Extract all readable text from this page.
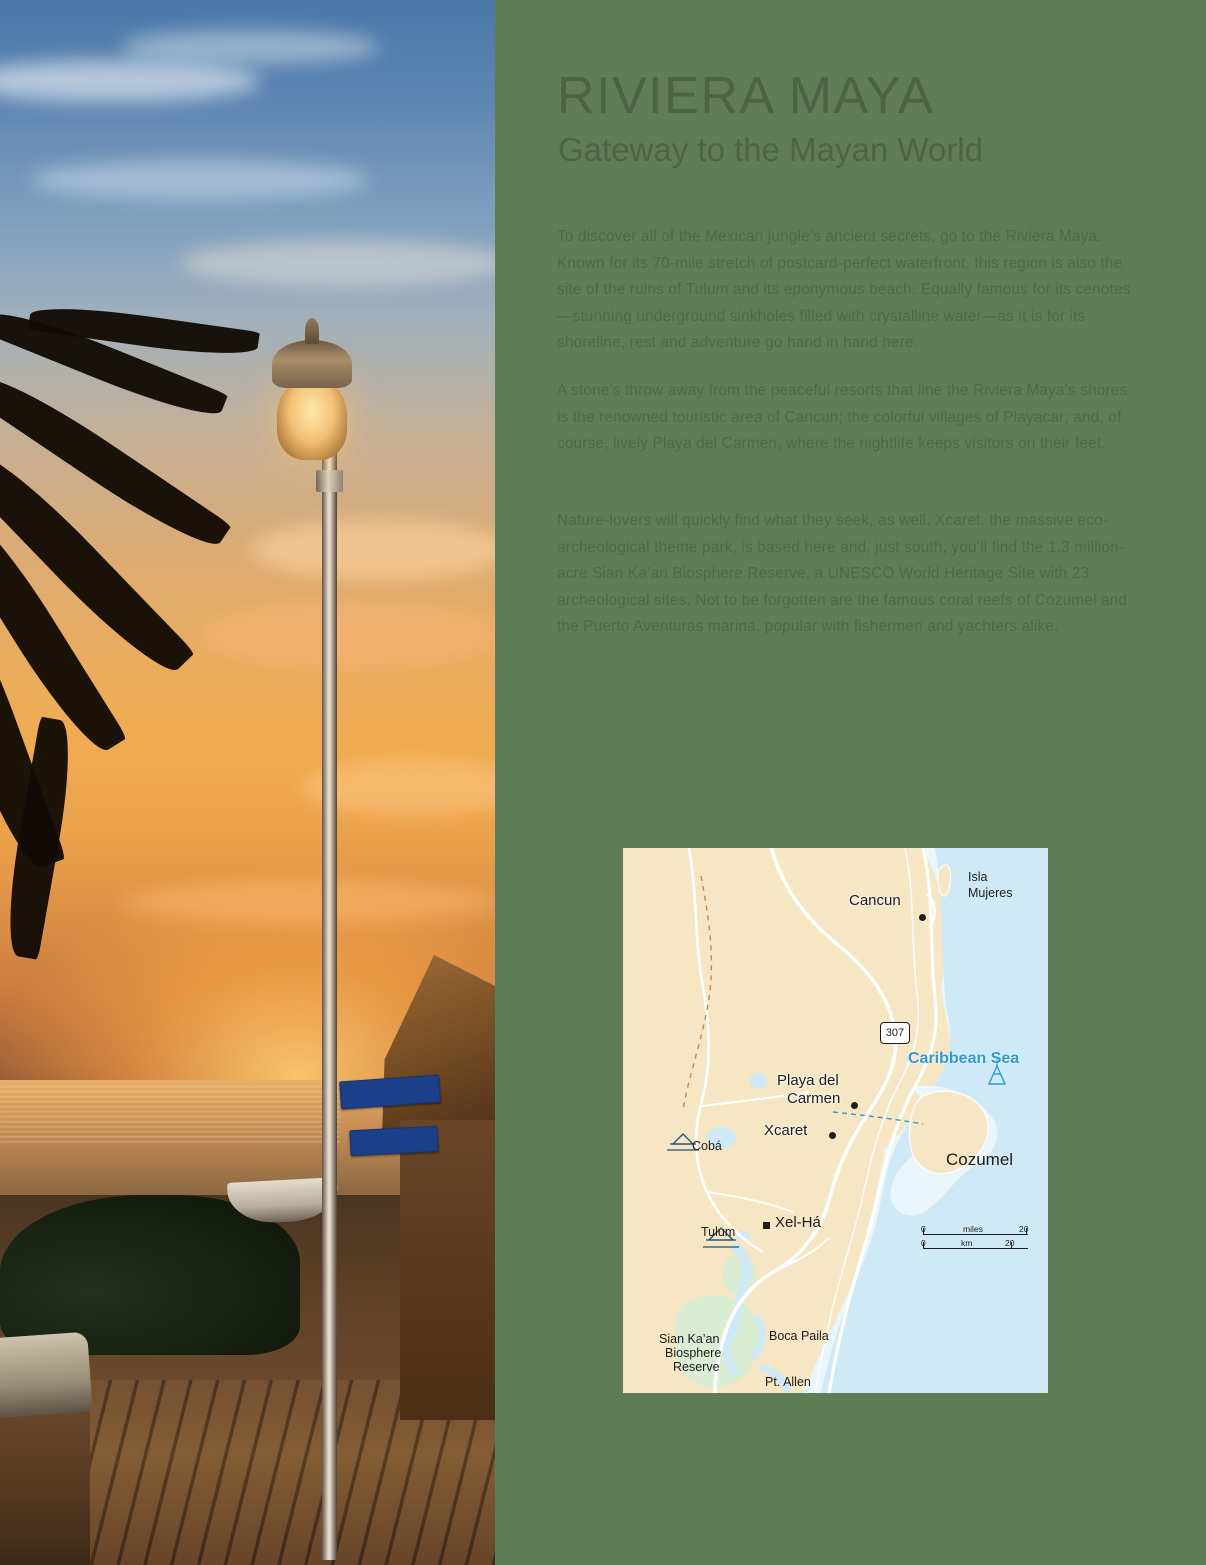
RIVIERA MAYA
Gateway to the Mayan World
To discover all of the Mexican jungle’s ancient secrets, go to the Riviera Maya. Known for its 70-mile stretch of postcard-perfect waterfront, this region is also the site of the ruins of Tulum and its eponymous beach. Equally famous for its cenotes—stunning underground sinkholes filled with crystalline water—as it is for its shoreline, rest and adventure go hand in hand here.
A stone’s throw away from the peaceful resorts that line the Riviera Maya’s shores is the renowned touristic area of Cancun; the colorful villages of Playacar; and, of course, lively Playa del Carmen, where the nightlife keeps visitors on their feet.
Nature-lovers will quickly find what they seek, as well. Xcaret, the massive eco-archeological theme park, is based here and, just south, you’ll find the 1.3 million-acre Sian Ka’an Biosphere Reserve, a UNESCO World Heritage Site with 23 archeological sites. Not to be forgotten are the famous coral reefs of Cozumel and the Puerto Aventuras marina, popular with fishermen and yachters alike.
307
Cancun
Isla
Mujeres
Caribbean Sea
Playa del
Carmen
Xcaret
Cozumel
Cobá
Xel-Há
Tulum
Sian Ka’an
Biosphere
Reserve
Boca Paila
Pt. Allen
0	miles	20
0	km	20
